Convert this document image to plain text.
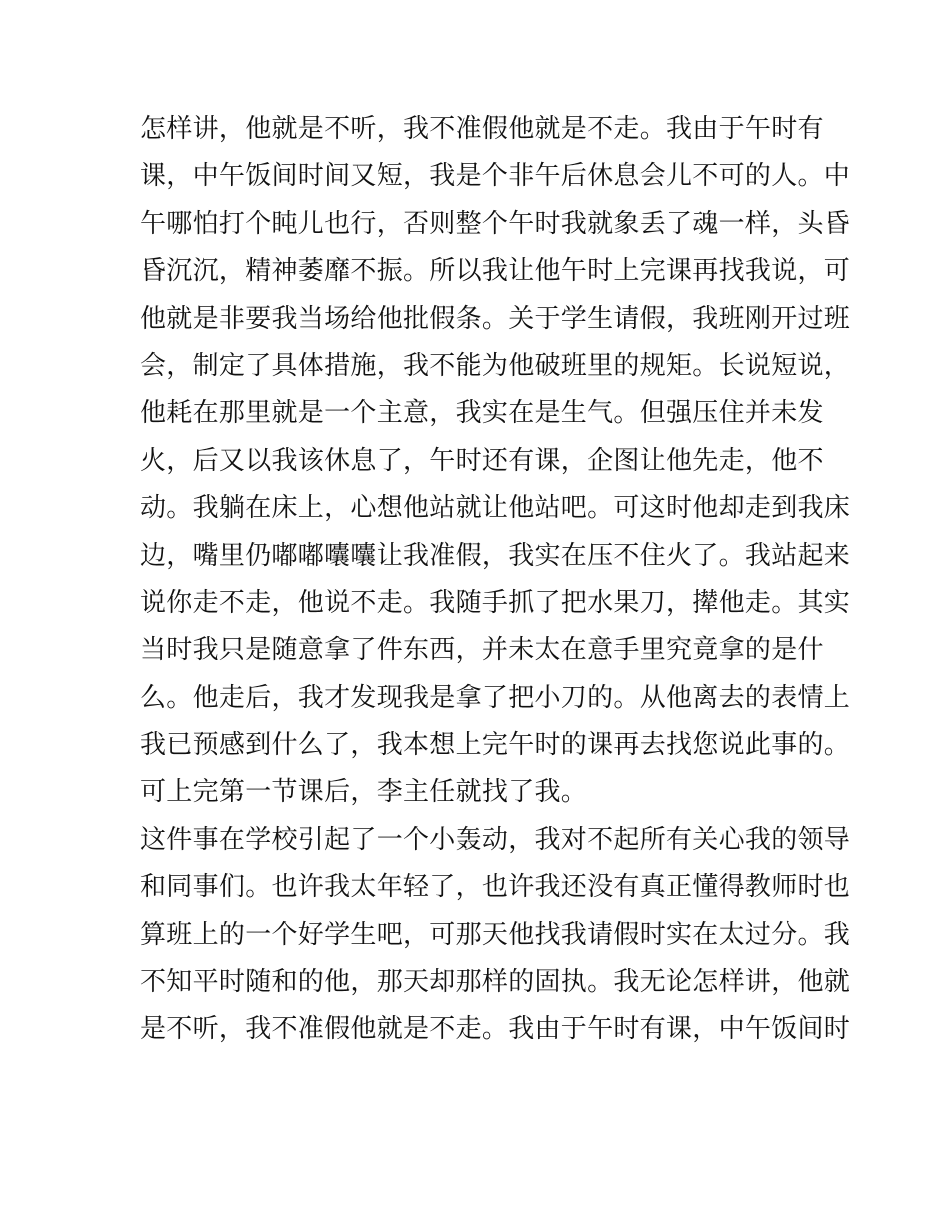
怎样讲，他就是不听，我不准假他就是不走。我由于午时有
课，中午饭间时间又短，我是个非午后休息会儿不可的人。中
午哪怕打个盹儿也行，否则整个午时我就象丢了魂一样，头昏
昏沉沉，精神萎靡不振。所以我让他午时上完课再找我说，可
他就是非要我当场给他批假条。关于学生请假，我班刚开过班
会，制定了具体措施，我不能为他破班里的规矩。长说短说，
他耗在那里就是一个主意，我实在是生气。但强压住并未发
火，后又以我该休息了，午时还有课，企图让他先走，他不
动。我躺在床上，心想他站就让他站吧。可这时他却走到我床
边，嘴里仍嘟嘟囔囔让我准假，我实在压不住火了。我站起来
说你走不走，他说不走。我随手抓了把水果刀，撵他走。其实
当时我只是随意拿了件东西，并未太在意手里究竟拿的是什
么。他走后，我才发现我是拿了把小刀的。从他离去的表情上
我已预感到什么了，我本想上完午时的课再去找您说此事的。
可上完第一节课后，李主任就找了我。
这件事在学校引起了一个小轰动，我对不起所有关心我的领导
和同事们。也许我太年轻了，也许我还没有真正懂得教师时也
算班上的一个好学生吧，可那天他找我请假时实在太过分。我
不知平时随和的他，那天却那样的固执。我无论怎样讲，他就
是不听，我不准假他就是不走。我由于午时有课，中午饭间时
